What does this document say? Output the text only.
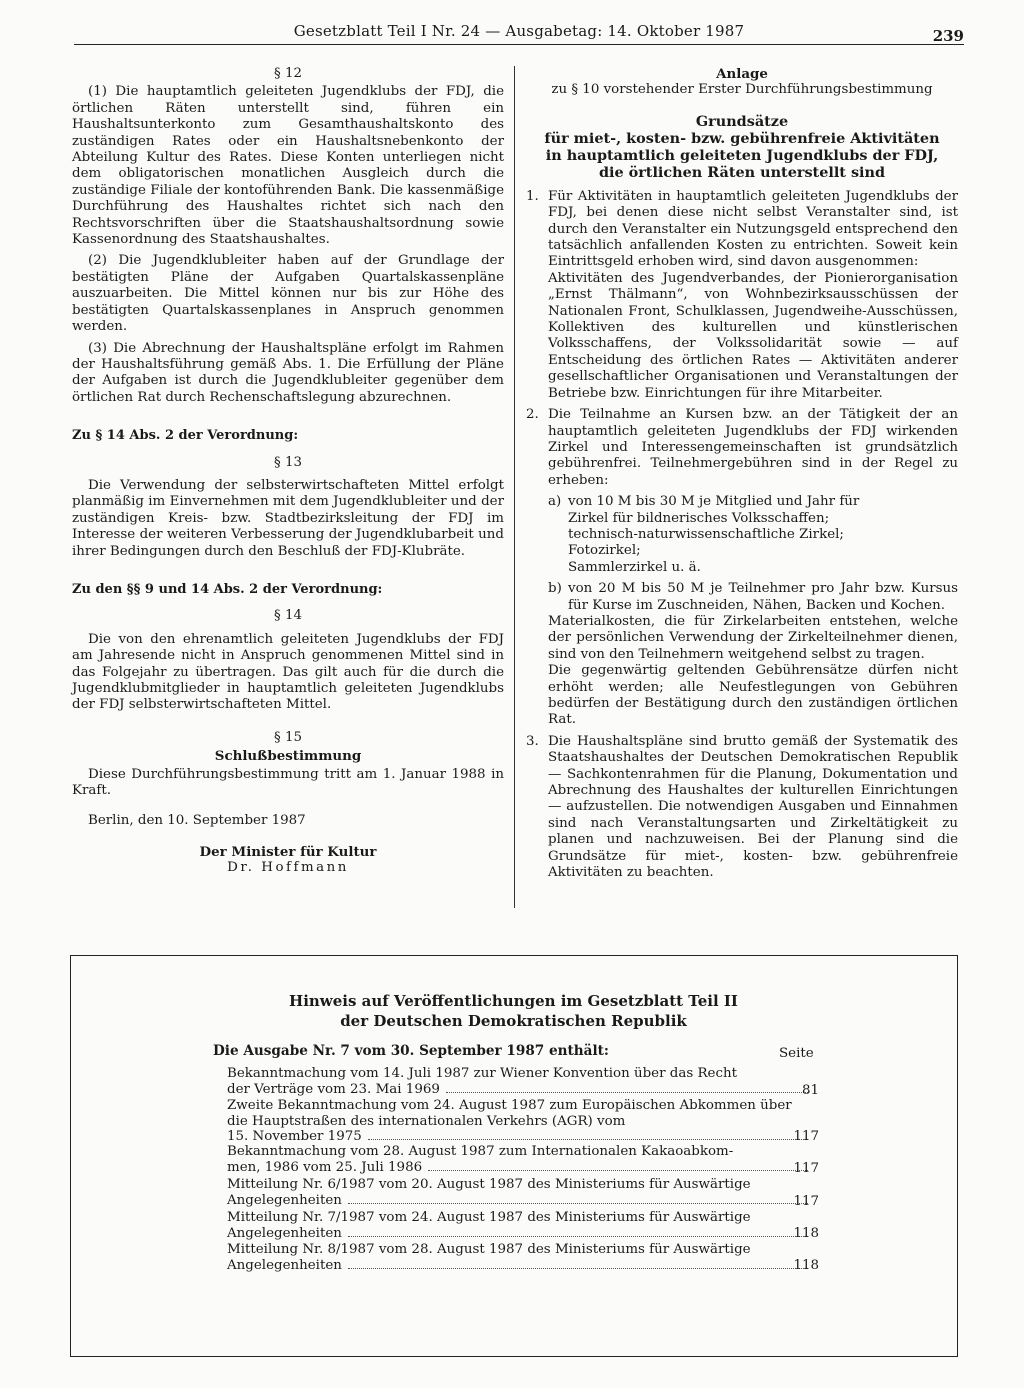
Gesetzblatt Teil I Nr. 24 — Ausgabetag: 14. Oktober 1987	239
§ 12

(1) Die hauptamtlich geleiteten Jugendklubs der FDJ, die örtlichen Räten unterstellt sind, führen ein Haushaltsunterkonto zum Gesamthaushaltskonto des zuständigen Rates oder ein Haushaltsnebenkonto der Abteilung Kultur des Rates. Diese Konten unterliegen nicht dem obligatorischen monatlichen Ausgleich durch die zuständige Filiale der kontoführenden Bank. Die kassenmäßige Durchführung des Haushaltes richtet sich nach den Rechtsvorschriften über die Staatshaushaltsordnung sowie Kassenordnung des Staatshaushaltes.

(2) Die Jugendklubleiter haben auf der Grundlage der bestätigten Pläne der Aufgaben Quartalskassenpläne auszuarbeiten. Die Mittel können nur bis zur Höhe des bestätigten Quartalskassenplanes in Anspruch genommen werden.

(3) Die Abrechnung der Haushaltspläne erfolgt im Rahmen der Haushaltsführung gemäß Abs. 1. Die Erfüllung der Pläne der Aufgaben ist durch die Jugendklubleiter gegenüber dem örtlichen Rat durch Rechenschaftslegung abzurechnen.

Zu § 14 Abs. 2 der Verordnung:
§ 13

Die Verwendung der selbsterwirtschafteten Mittel erfolgt planmäßig im Einvernehmen mit dem Jugendklubleiter und der zuständigen Kreis- bzw. Stadtbezirksleitung der FDJ im Interesse der weiteren Verbesserung der Jugendklubarbeit und ihrer Bedingungen durch den Beschluß der FDJ-Klubräte.

Zu den §§ 9 und 14 Abs. 2 der Verordnung:
§ 14

Die von den ehrenamtlich geleiteten Jugendklubs der FDJ am Jahresende nicht in Anspruch genommenen Mittel sind in das Folgejahr zu übertragen. Das gilt auch für die durch die Jugendklubmitglieder in hauptamtlich geleiteten Jugendklubs der FDJ selbsterwirtschafteten Mittel.

§ 15
Schlußbestimmung

Diese Durchführungsbestimmung tritt am 1. Januar 1988 in Kraft.

Berlin, den 10. September 1987

Der Minister für Kultur
Dr. Hoffmann
Anlage
zu § 10 vorstehender Erster Durchführungsbestimmung
Grundsätze
für miet-, kosten- bzw. gebührenfreie Aktivitäten
in hauptamtlich geleiteten Jugendklubs der FDJ,
die örtlichen Räten unterstellt sind
1. Für Aktivitäten in hauptamtlich geleiteten Jugendklubs der FDJ, bei denen diese nicht selbst Veranstalter sind, ist durch den Veranstalter ein Nutzungsgeld entsprechend den tatsächlich anfallenden Kosten zu entrichten. Soweit kein Eintrittsgeld erhoben wird, sind davon ausgenommen:

Aktivitäten des Jugendverbandes, der Pionierorganisation „Ernst Thälmann“, von Wohnbezirksausschüssen der Nationalen Front, Schulklassen, Jugendweihe-Ausschüssen, Kollektiven des kulturellen und künstlerischen Volksschaffens, der Volkssolidarität sowie — auf Entscheidung des örtlichen Rates — Aktivitäten anderer gesellschaftlicher Organisationen und Veranstaltungen der Betriebe bzw. Einrichtungen für ihre Mitarbeiter.

2. Die Teilnahme an Kursen bzw. an der Tätigkeit der an hauptamtlich geleiteten Jugendklubs der FDJ wirkenden Zirkel und Interessengemeinschaften ist grundsätzlich gebührenfrei. Teilnehmergebühren sind in der Regel zu erheben:

a) von 10 M bis 30 M je Mitglied und Jahr für
Zirkel für bildnerisches Volksschaffen;
technisch-naturwissenschaftliche Zirkel;
Fotozirkel;
Sammlerzirkel u. ä.
b) von 20 M bis 50 M je Teilnehmer pro Jahr bzw. Kursus für Kurse im Zuschneiden, Nähen, Backen und Kochen.

Materialkosten, die für Zirkelarbeiten entstehen, welche der persönlichen Verwendung der Zirkelteilnehmer dienen, sind von den Teilnehmern weitgehend selbst zu tragen.

Die gegenwärtig geltenden Gebührensätze dürfen nicht erhöht werden; alle Neufestlegungen von Gebühren bedürfen der Bestätigung durch den zuständigen örtlichen Rat.

3. Die Haushaltspläne sind brutto gemäß der Systematik des Staatshaushaltes der Deutschen Demokratischen Republik — Sachkontenrahmen für die Planung, Dokumentation und Abrechnung des Haushaltes der kulturellen Einrichtungen — aufzustellen. Die notwendigen Ausgaben und Einnahmen sind nach Veranstaltungsarten und Zirkeltätigkeit zu planen und nachzuweisen. Bei der Planung sind die Grundsätze für miet-, kosten- bzw. gebührenfreie Aktivitäten zu beachten.

Hinweis auf Veröffentlichungen im Gesetzblatt Teil II
der Deutschen Demokratischen Republik
Die Ausgabe Nr. 7 vom 30. September 1987 enthält:	Seite
Bekanntmachung vom 14. Juli 1987 zur Wiener Konvention über das Recht
der Verträge vom 23. Mai 1969	81
Zweite Bekanntmachung vom 24. August 1987 zum Europäischen Abkommen über die Hauptstraßen des internationalen Verkehrs (AGR) vom
15. November 1975	117
Bekanntmachung vom 28. August 1987 zum Internationalen Kakaoabkom-
men, 1986 vom 25. Juli 1986	117
Mitteilung Nr. 6/1987 vom 20. August 1987 des Ministeriums für Auswärtige
Angelegenheiten	117
Mitteilung Nr. 7/1987 vom 24. August 1987 des Ministeriums für Auswärtige
Angelegenheiten	118
Mitteilung Nr. 8/1987 vom 28. August 1987 des Ministeriums für Auswärtige
Angelegenheiten	118
